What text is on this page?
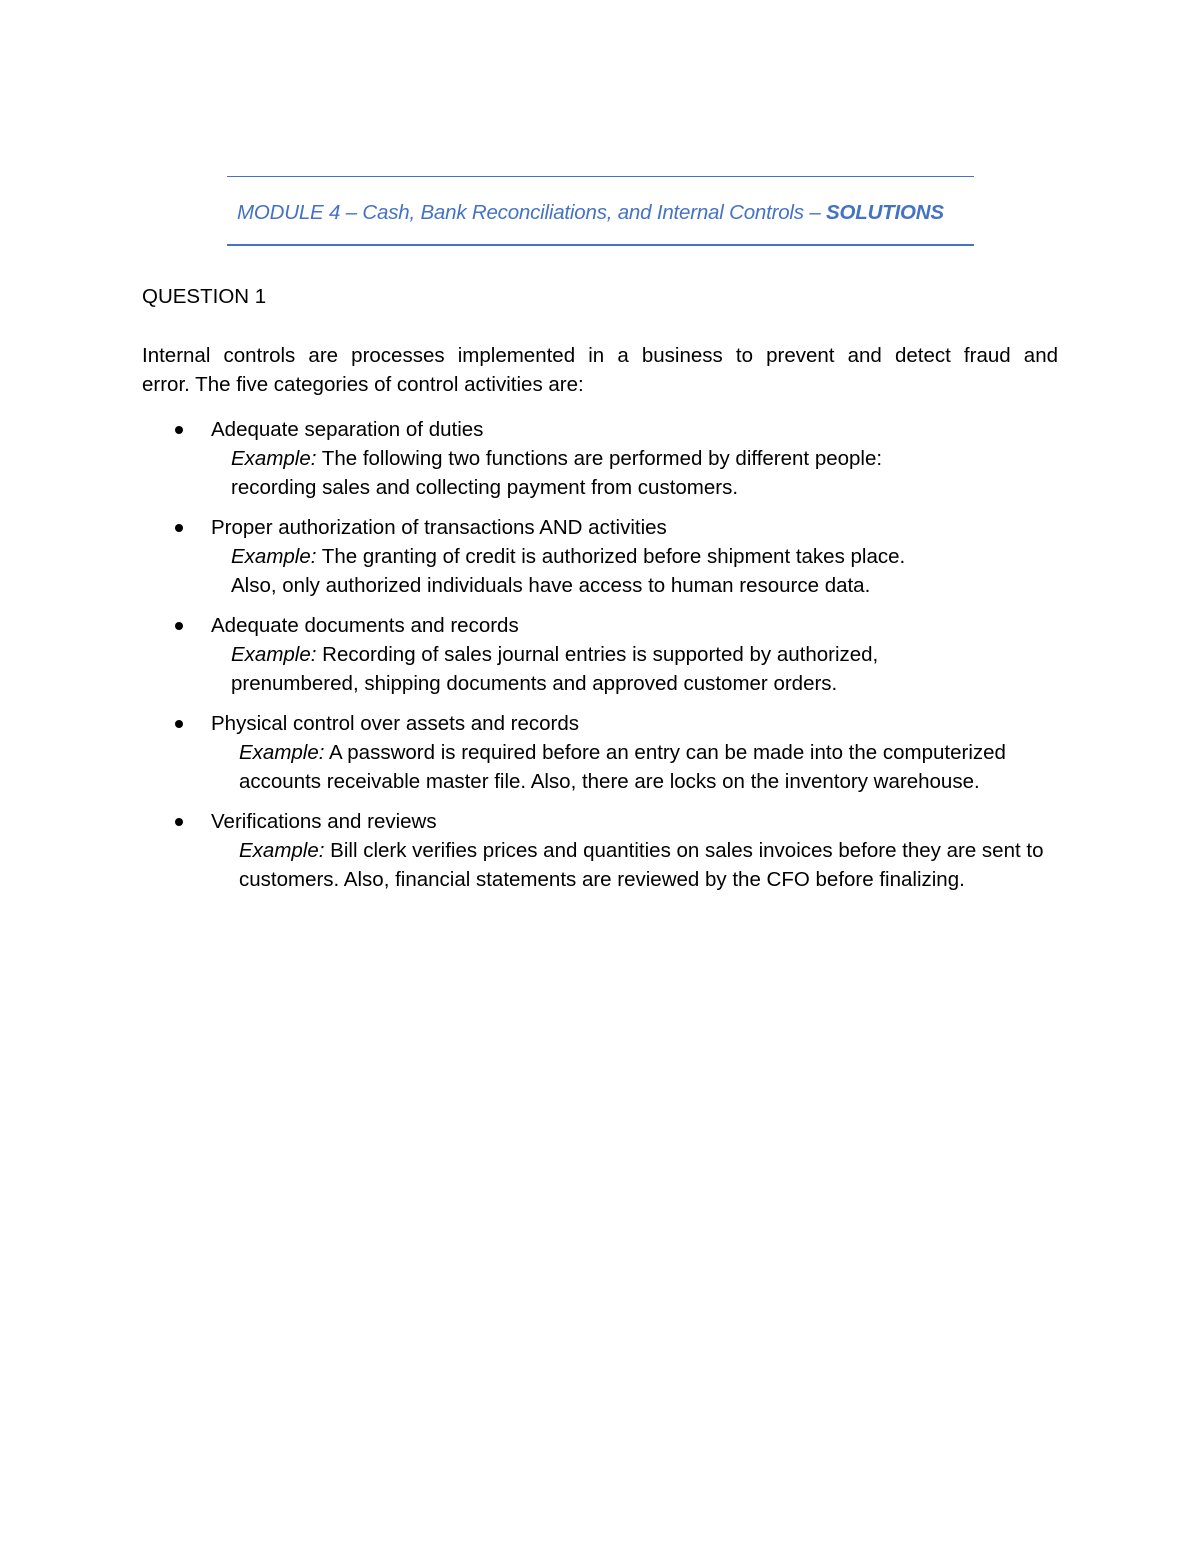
MODULE 4 – Cash, Bank Reconciliations, and Internal Controls – SOLUTIONS
QUESTION 1
Internal controls are processes implemented in a business to prevent and detect fraud and
error. The five categories of control activities are:
Adequate separation of duties
Example: The following two functions are performed by different people:
recording sales and collecting payment from customers.
Proper authorization of transactions AND activities
Example: The granting of credit is authorized before shipment takes place.
Also, only authorized individuals have access to human resource data.
Adequate documents and records
Example: Recording of sales journal entries is supported by authorized,
prenumbered, shipping documents and approved customer orders.
Physical control over assets and records
Example: A password is required before an entry can be made into the computerized
accounts receivable master file. Also, there are locks on the inventory warehouse.
Verifications and reviews
Example: Bill clerk verifies prices and quantities on sales invoices before they are sent to
customers. Also, financial statements are reviewed by the CFO before finalizing.
